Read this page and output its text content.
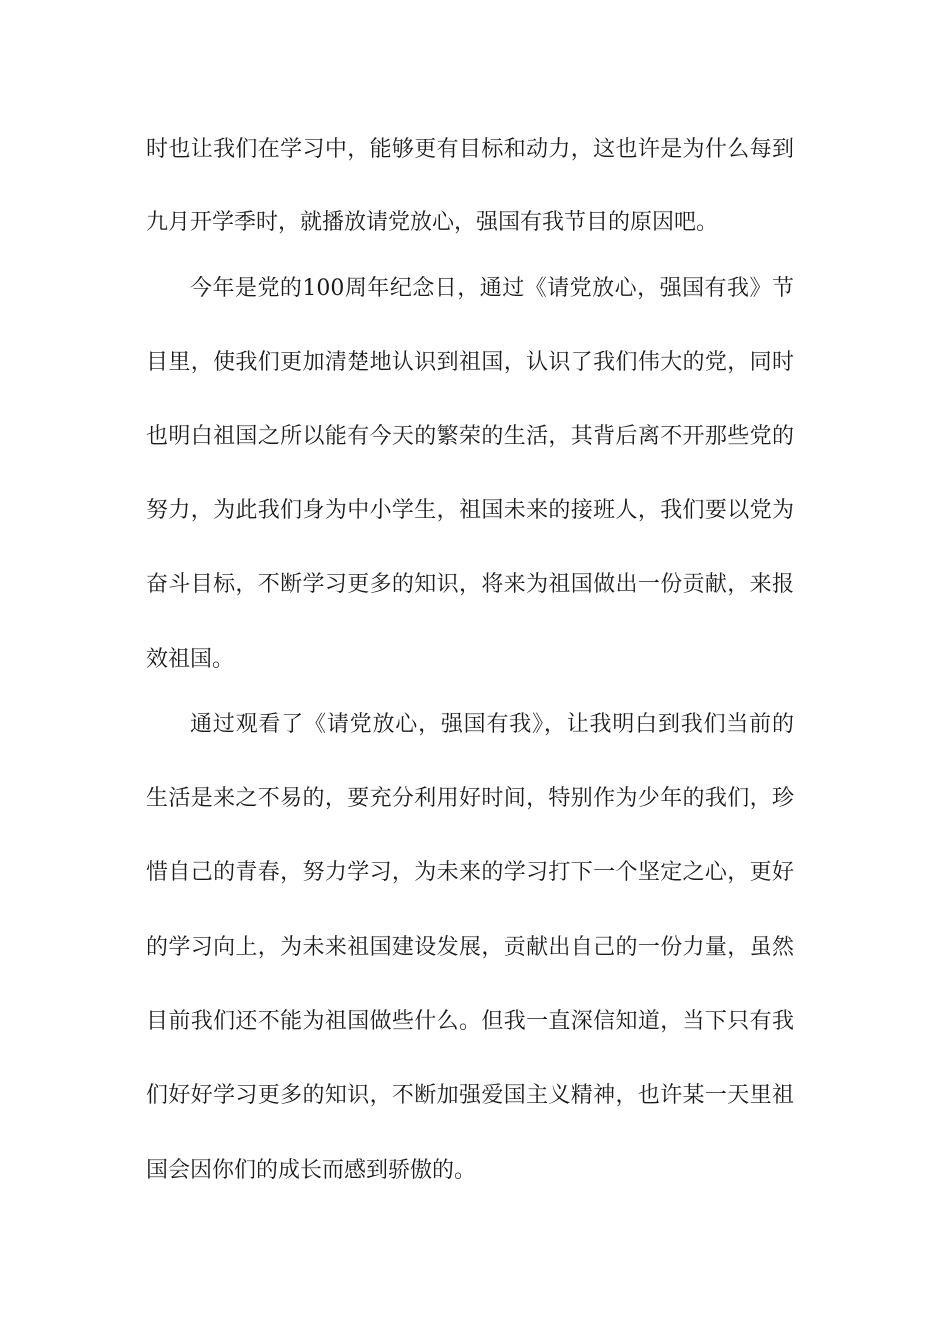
时也让我们在学习中，能够更有目标和动力，这也许是为什么每到
九月开学季时，就播放请党放心，强国有我节目的原因吧。
今年是党的100周年纪念日，通过《请党放心，强国有我》节
目里，使我们更加清楚地认识到祖国，认识了我们伟大的党，同时
也明白祖国之所以能有今天的繁荣的生活，其背后离不开那些党的
努力，为此我们身为中小学生，祖国未来的接班人，我们要以党为
奋斗目标，不断学习更多的知识，将来为祖国做出一份贡献，来报
效祖国。
通过观看了《请党放心，强国有我》，让我明白到我们当前的
生活是来之不易的，要充分利用好时间，特别作为少年的我们，珍
惜自己的青春，努力学习，为未来的学习打下一个坚定之心，更好
的学习向上，为未来祖国建设发展，贡献出自己的一份力量，虽然
目前我们还不能为祖国做些什么。但我一直深信知道，当下只有我
们好好学习更多的知识，不断加强爱国主义精神，也许某一天里祖
国会因你们的成长而感到骄傲的。
